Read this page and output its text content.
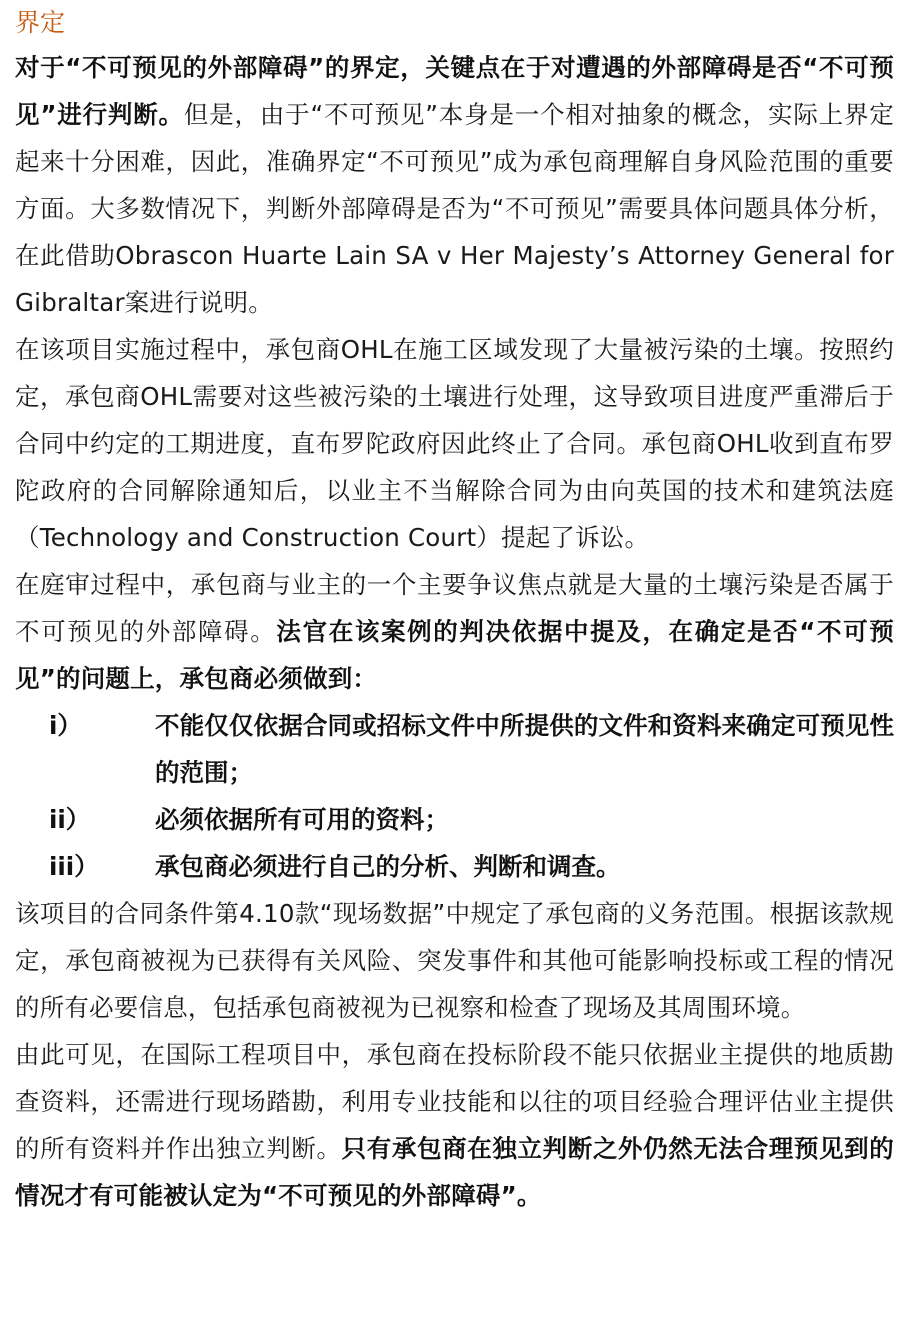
界定

对于“不可预见的外部障碍”的界定，关键点在于对遭遇的外部障碍是否“不可预见”进行判断。但是，由于“不可预见”本身是一个相对抽象的概念，实际上界定起来十分困难，因此，准确界定“不可预见”成为承包商理解自身风险范围的重要方面。大多数情况下，判断外部障碍是否为“不可预见”需要具体问题具体分析，在此借助Obrascon Huarte Lain SA v Her Majesty’s Attorney General for Gibraltar案进行说明。

在该项目实施过程中，承包商OHL在施工区域发现了大量被污染的土壤。按照约定，承包商OHL需要对这些被污染的土壤进行处理，这导致项目进度严重滞后于合同中约定的工期进度，直布罗陀政府因此终止了合同。承包商OHL收到直布罗陀政府的合同解除通知后，以业主不当解除合同为由向英国的技术和建筑法庭（Technology and Construction Court）提起了诉讼。

在庭审过程中，承包商与业主的一个主要争议焦点就是大量的土壤污染是否属于不可预见的外部障碍。法官在该案例的判决依据中提及，在确定是否“不可预见”的问题上，承包商必须做到：

i）	不能仅仅依据合同或招标文件中所提供的文件和资料来确定可预见性的范围；
ii）	必须依据所有可用的资料；
iii）	承包商必须进行自己的分析、判断和调查。

该项目的合同条件第4.10款“现场数据”中规定了承包商的义务范围。根据该款规定，承包商被视为已获得有关风险、突发事件和其他可能影响投标或工程的情况的所有必要信息，包括承包商被视为已视察和检查了现场及其周围环境。

由此可见，在国际工程项目中，承包商在投标阶段不能只依据业主提供的地质勘查资料，还需进行现场踏勘，利用专业技能和以往的项目经验合理评估业主提供的所有资料并作出独立判断。只有承包商在独立判断之外仍然无法合理预见到的情况才有可能被认定为“不可预见的外部障碍”。
